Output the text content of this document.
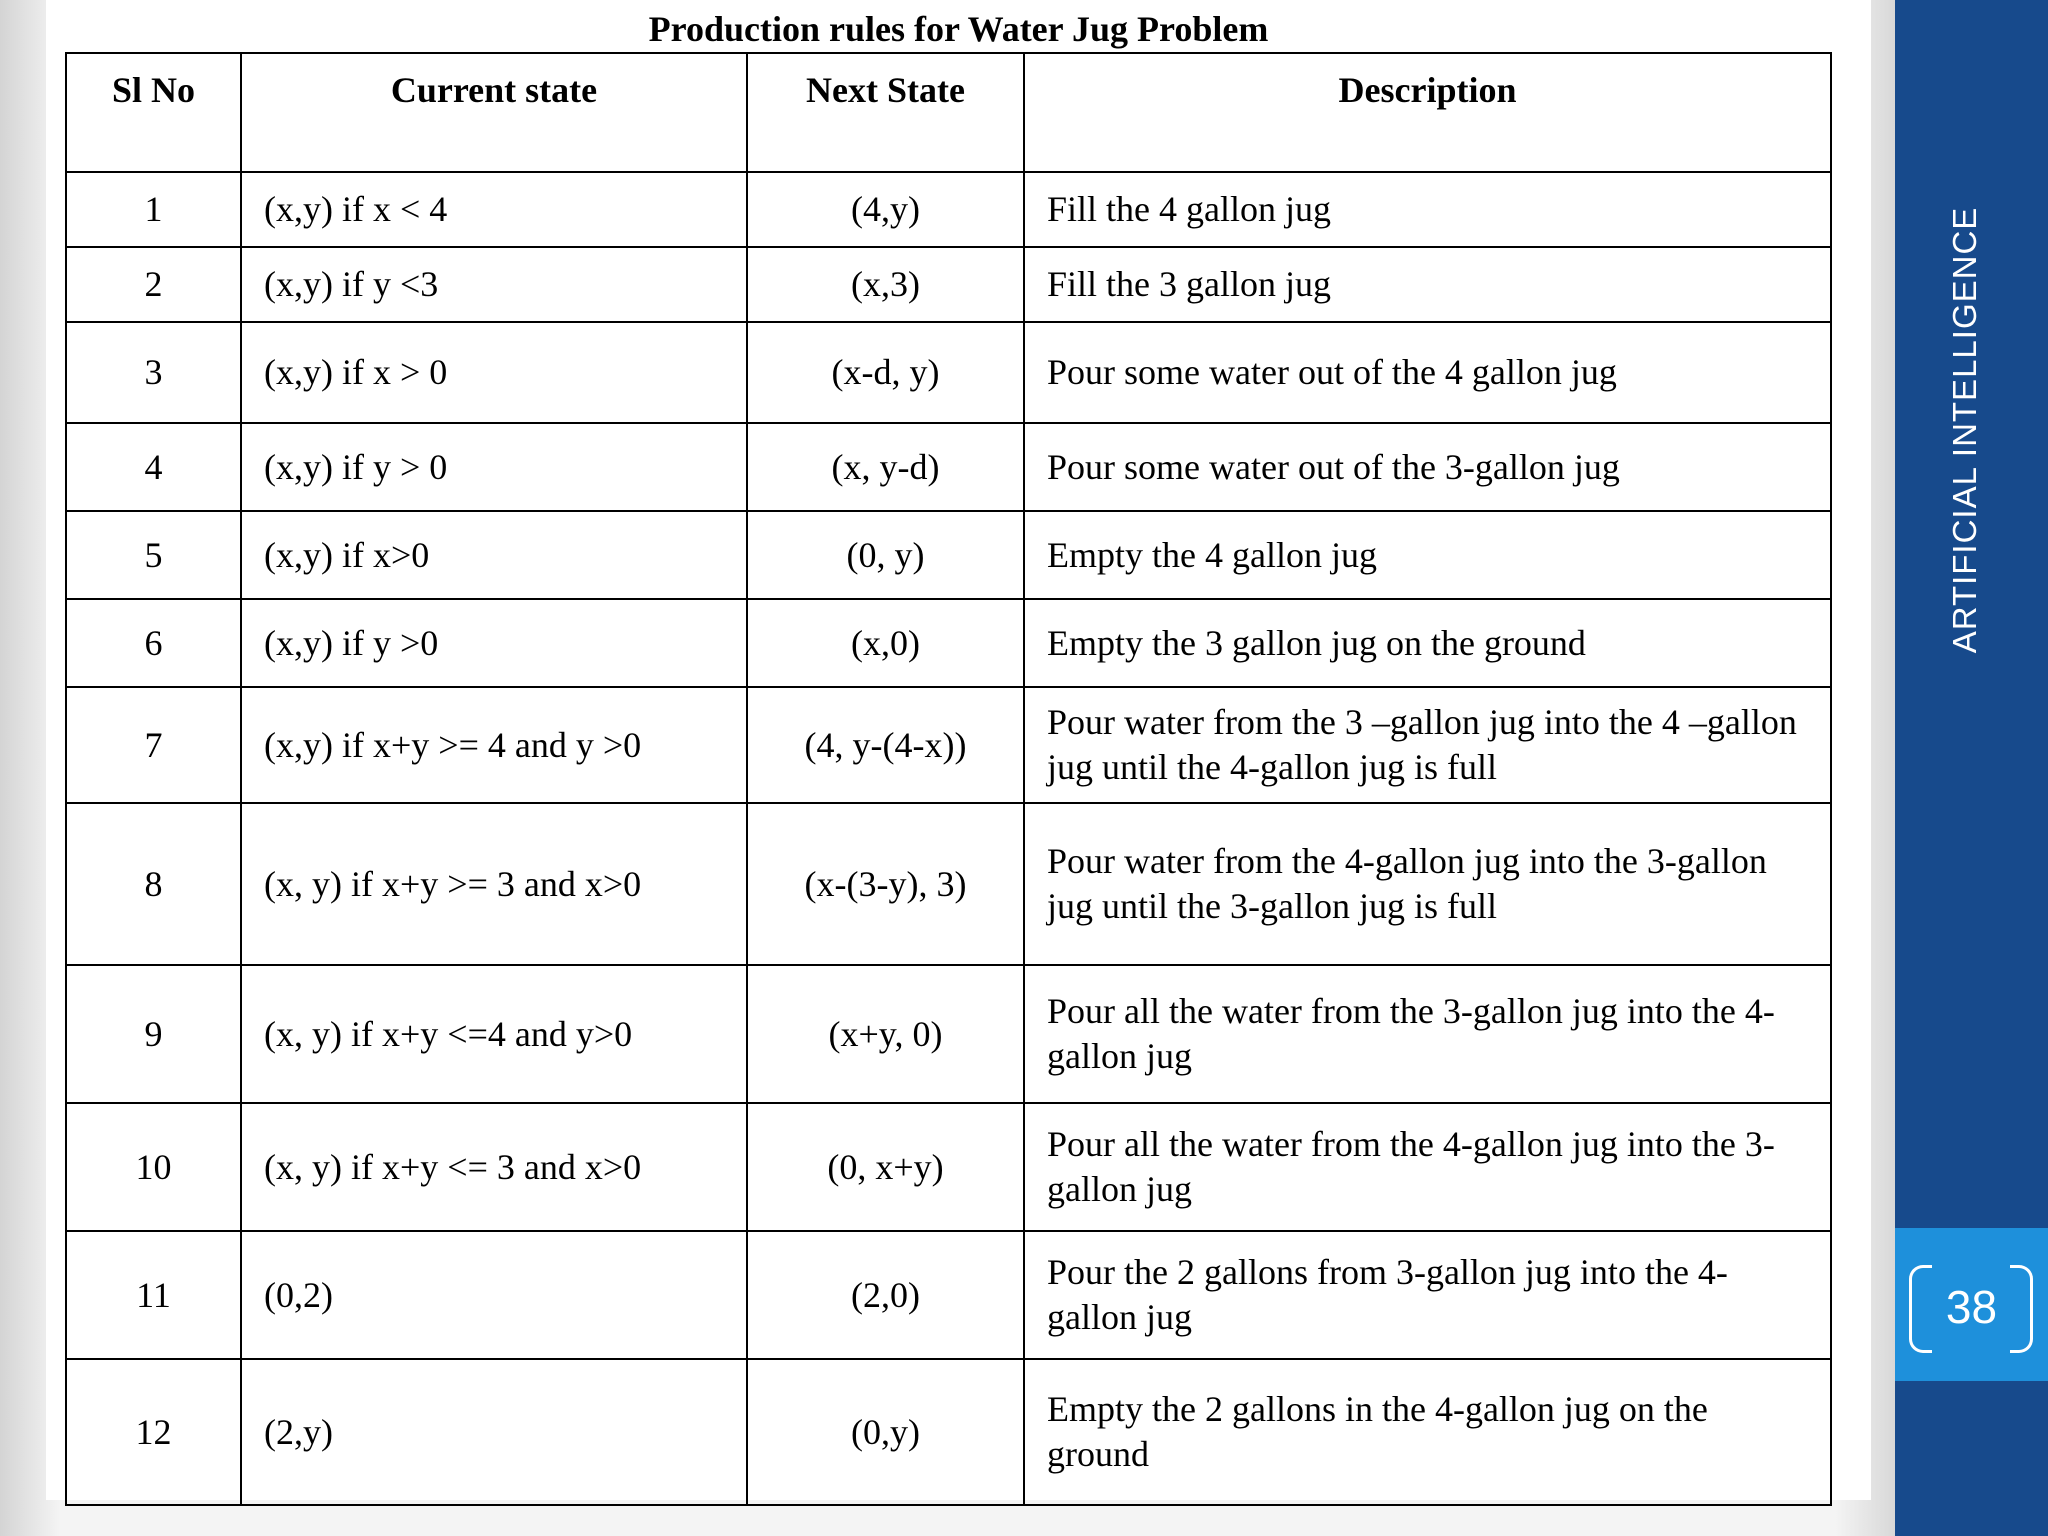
Production rules for Water Jug Problem
Sl No	Current state	Next State	Description
1	(x,y) if x < 4	(4,y)	Fill the 4 gallon jug
2	(x,y) if y <3	(x,3)	Fill the 3 gallon jug
3	(x,y) if x > 0	(x-d, y)	Pour some water out of the 4 gallon jug
4	(x,y) if y > 0	(x, y-d)	Pour some water out of the 3-gallon jug
5	(x,y) if x>0	(0, y)	Empty the 4 gallon jug
6	(x,y) if y >0	(x,0)	Empty the 3 gallon jug on the ground
7	(x,y) if x+y >= 4 and y >0	(4, y-(4-x))	Pour water from the 3 –gallon jug into the 4 –gallon jug until the 4-gallon jug is full
8	(x, y) if x+y >= 3 and x>0	(x-(3-y), 3)	Pour water from the 4-gallon jug into the 3-gallon jug until the 3-gallon jug is full
9	(x, y) if x+y <=4 and y>0	(x+y, 0)	Pour all the water from the 3-gallon jug into the 4-gallon jug
10	(x, y) if x+y <= 3 and x>0	(0, x+y)	Pour all the water from the 4-gallon jug into the 3-gallon jug
11	(0,2)	(2,0)	Pour the 2 gallons from 3-gallon jug into the 4-gallon jug
12	(2,y)	(0,y)	Empty the 2 gallons in the 4-gallon jug on the ground
ARTIFICIAL INTELLIGENCE
38
